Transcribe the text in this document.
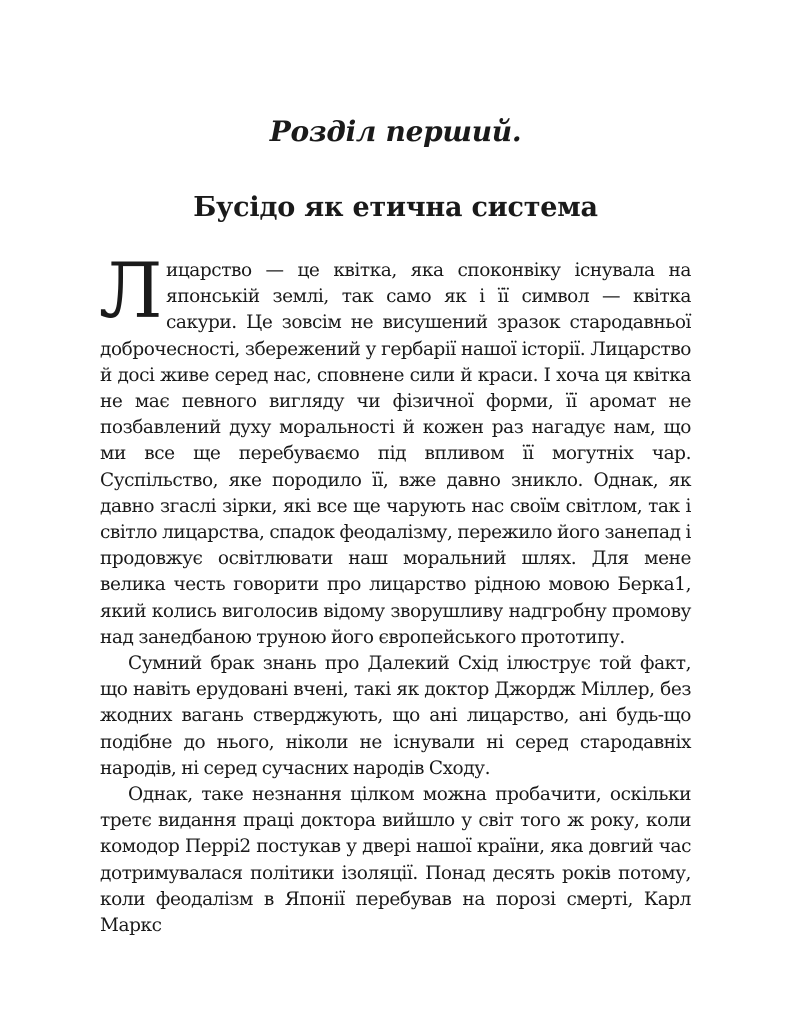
Розділ перший.
Бусідо як етична система

Лицарство — це квітка, яка споконвіку існувала на японській землі, так само як і її символ — квітка сакури. Це зовсім не висушений зразок стародавньої доброчесності, збережений у гербарії нашої історії. Лицарство й досі живе серед нас, сповнене сили й краси. І хоча ця квітка не має певного вигляду чи фізичної форми, її аромат не позбавлений духу моральності й кожен раз нагадує нам, що ми все ще перебуваємо під впливом її могутніх чар. Суспільство, яке породило її, вже давно зникло. Однак, як давно згаслі зірки, які все ще чарують нас своїм світлом, так і світло лицарства, спадок феодалізму, пережило його занепад і продовжує освітлювати наш моральний шлях. Для мене велика честь говорити про лицарство рідною мовою Берка1, який колись виголосив відому зворушливу надгробну промову над занедбаною труною його європейського прототипу.

Сумний брак знань про Далекий Схід ілюструє той факт, що навіть ерудовані вчені, такі як доктор Джордж Міллер, без жодних вагань стверджують, що ані лицарство, ані будь-що подібне до нього, ніколи не існували ні серед стародавніх народів, ні серед сучасних народів Сходу.

Однак, таке незнання цілком можна пробачити, оскільки третє видання праці доктора вийшло у світ того ж року, коли комодор Перрі2 постукав у двері нашої країни, яка довгий час дотримувалася політики ізоляції. Понад десять років потому, коли феодалізм в Японії перебував на порозі смерті, Карл Маркс
